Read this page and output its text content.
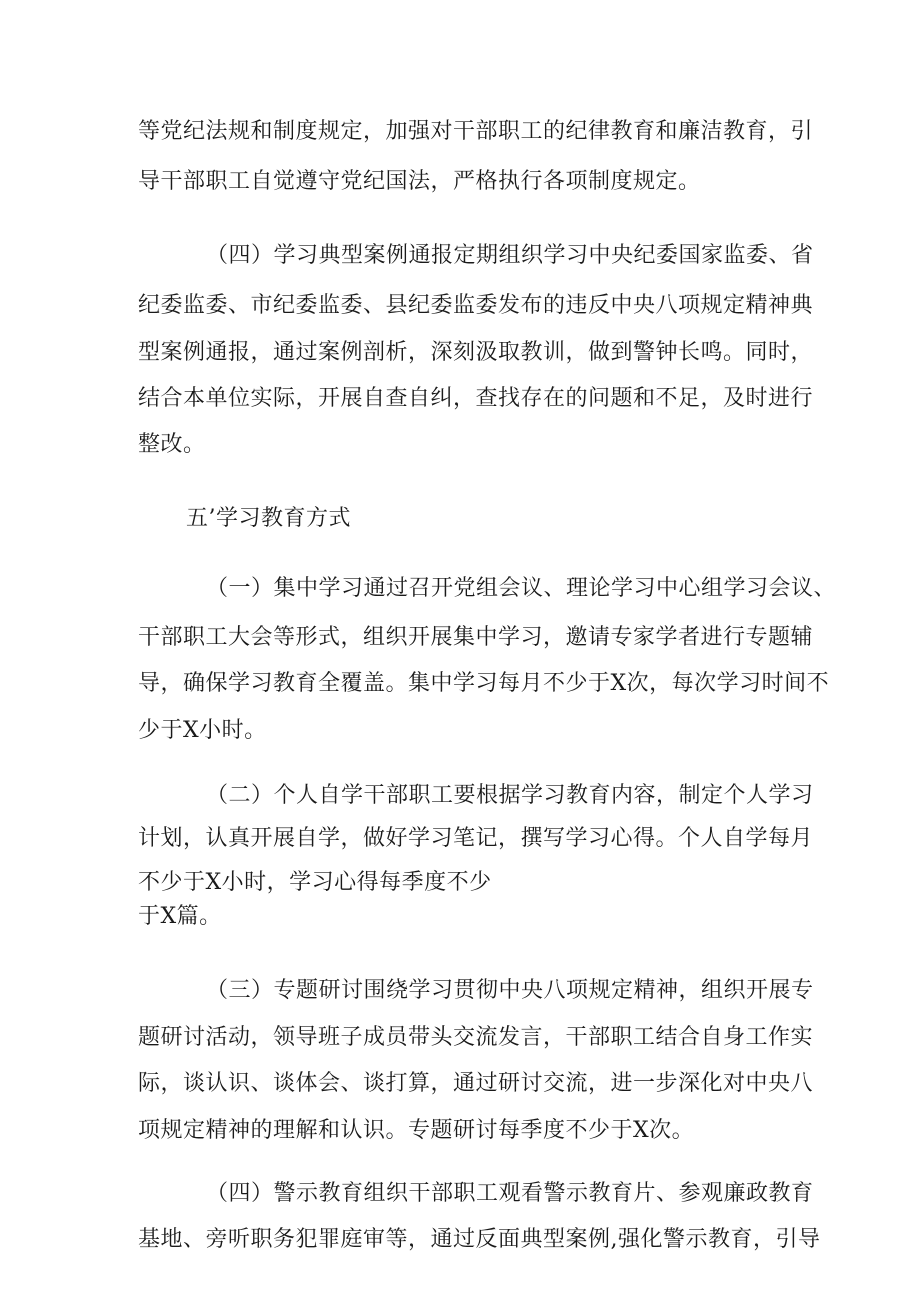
等党纪法规和制度规定，加强对干部职工的纪律教育和廉洁教育，引

导干部职工自觉遵守党纪国法，严格执行各项制度规定。

（四）学习典型案例通报定期组织学习中央纪委国家监委、省

纪委监委、市纪委监委、县纪委监委发布的违反中央八项规定精神典

型案例通报，通过案例剖析，深刻汲取教训，做到警钟长鸣。同时，

结合本单位实际，开展自查自纠，查找存在的问题和不足，及时进行

整改。

五’学习教育方式

（一）集中学习通过召开党组会议、理论学习中心组学习会议、

干部职工大会等形式，组织开展集中学习，邀请专家学者进行专题辅

导，确保学习教育全覆盖。集中学习每月不少于X次，每次学习时间不

少于X小时。

（二）个人自学干部职工要根据学习教育内容，制定个人学习

计划，认真开展自学，做好学习笔记，撰写学习心得。个人自学每月

不少于X小时，学习心得每季度不少

于X篇。

（三）专题研讨围绕学习贯彻中央八项规定精神，组织开展专

题研讨活动，领导班子成员带头交流发言，干部职工结合自身工作实

际，谈认识、谈体会、谈打算，通过研讨交流，进一步深化对中央八

项规定精神的理解和认识。专题研讨每季度不少于X次。

（四）警示教育组织干部职工观看警示教育片、参观廉政教育

基地、旁听职务犯罪庭审等，通过反面典型案例,强化警示教育，引导
